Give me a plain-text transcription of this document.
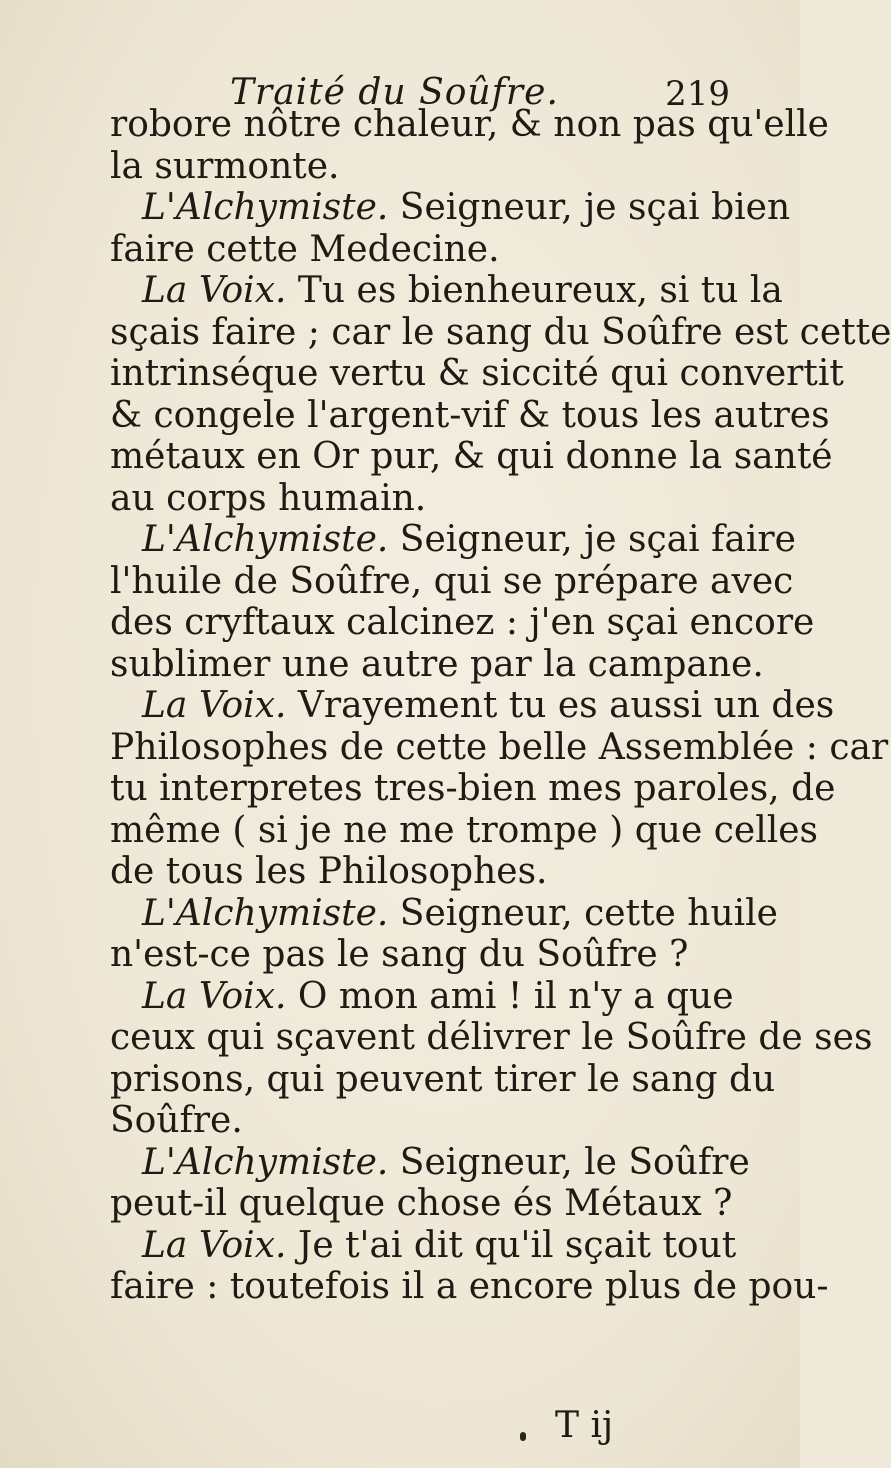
Traité du Soûfre.	219
robore nôtre chaleur, & non pas qu'elle
la surmonte.
L'Alchymiste. Seigneur, je sçai bien
faire cette Medecine.
La Voix. Tu es bienheureux, si tu la
sçais faire ; car le sang du Soûfre est cette
intrinséque vertu & siccité qui convertit
& congele l'argent-vif & tous les autres
métaux en Or pur, & qui donne la santé
au corps humain.
L'Alchymiste. Seigneur, je sçai faire
l'huile de Soûfre, qui se prépare avec
des cryftaux calcinez : j'en sçai encore
sublimer une autre par la campane.
La Voix. Vrayement tu es aussi un des
Philosophes de cette belle Assemblée : car
tu interpretes tres-bien mes paroles, de
même ( si je ne me trompe ) que celles
de tous les Philosophes.
L'Alchymiste. Seigneur, cette huile
n'est-ce pas le sang du Soûfre ?
La Voix. O mon ami ! il n'y a que
ceux qui sçavent délivrer le Soûfre de ses
prisons, qui peuvent tirer le sang du
Soûfre.
L'Alchymiste. Seigneur, le Soûfre
peut-il quelque chose és Métaux ?
La Voix. Je t'ai dit qu'il sçait tout
faire : toutefois il a encore plus de pou-
T ij
